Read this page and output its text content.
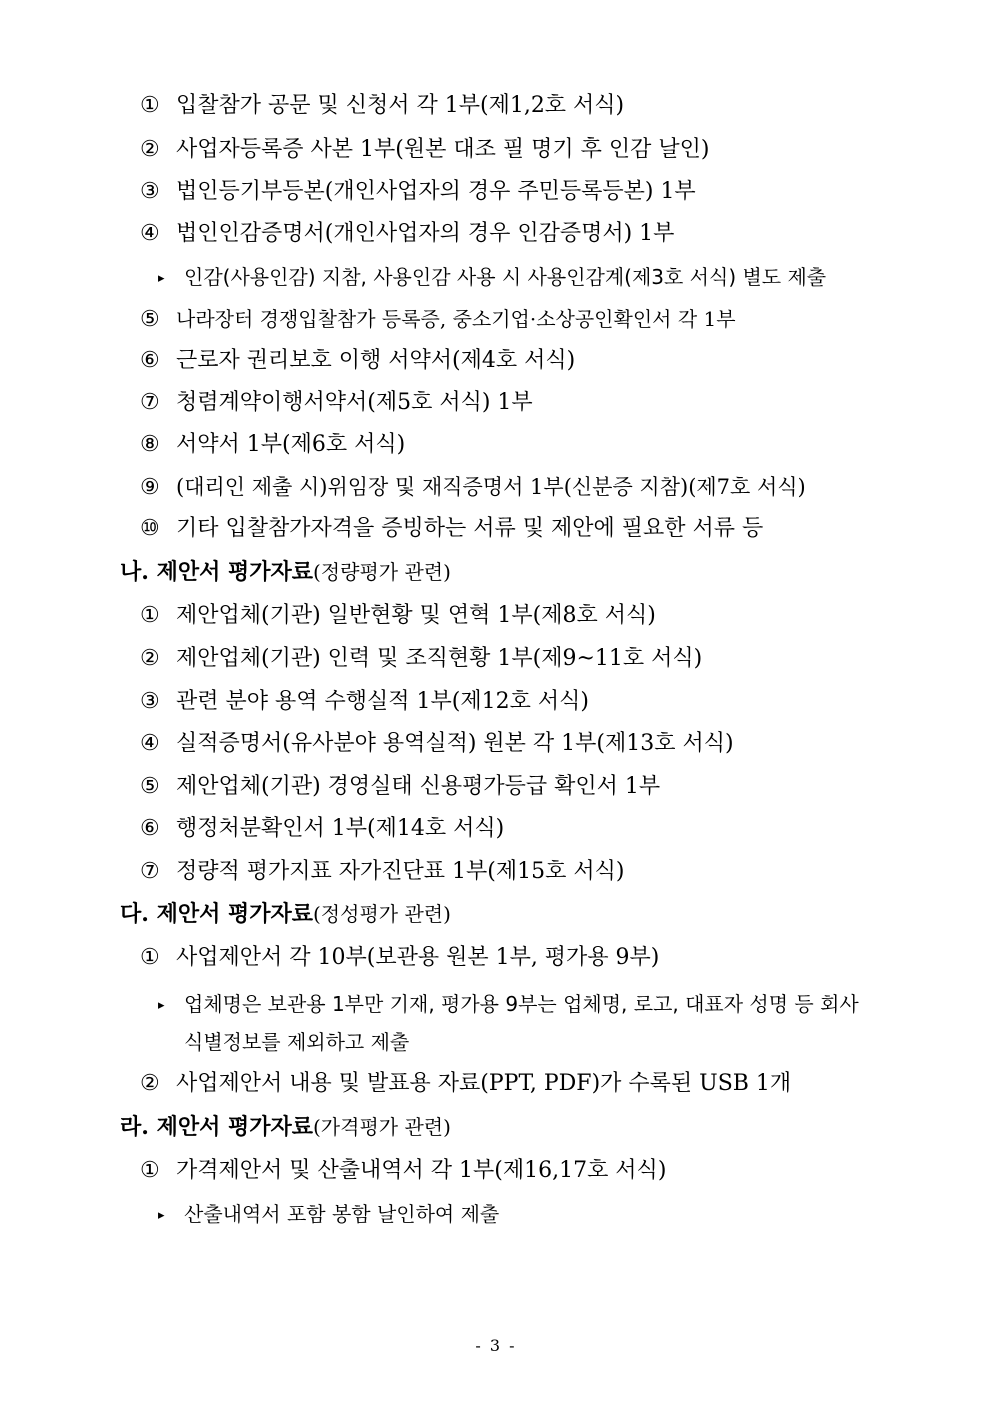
① 입찰참가 공문 및 신청서 각 1부(제1,2호 서식)
② 사업자등록증 사본 1부(원본 대조 필 명기 후 인감 날인)
③ 법인등기부등본(개인사업자의 경우 주민등록등본) 1부
④ 법인인감증명서(개인사업자의 경우 인감증명서) 1부
▸ 인감(사용인감) 지참, 사용인감 사용 시 사용인감계(제3호 서식) 별도 제출
⑤ 나라장터 경쟁입찰참가 등록증, 중소기업·소상공인확인서 각 1부
⑥ 근로자 권리보호 이행 서약서(제4호 서식)
⑦ 청렴계약이행서약서(제5호 서식) 1부
⑧ 서약서 1부(제6호 서식)
⑨ (대리인 제출 시)위임장 및 재직증명서 1부(신분증 지참)(제7호 서식)
⑩ 기타 입찰참가자격을 증빙하는 서류 및 제안에 필요한 서류 등
나. 제안서 평가자료(정량평가 관련)
① 제안업체(기관) 일반현황 및 연혁 1부(제8호 서식)
② 제안업체(기관) 인력 및 조직현황 1부(제9~11호 서식)
③ 관련 분야 용역 수행실적 1부(제12호 서식)
④ 실적증명서(유사분야 용역실적) 원본 각 1부(제13호 서식)
⑤ 제안업체(기관) 경영실태 신용평가등급 확인서 1부
⑥ 행정처분확인서 1부(제14호 서식)
⑦ 정량적 평가지표 자가진단표 1부(제15호 서식)
다. 제안서 평가자료(정성평가 관련)
① 사업제안서 각 10부(보관용 원본 1부, 평가용 9부)
▸ 업체명은 보관용 1부만 기재, 평가용 9부는 업체명, 로고, 대표자 성명 등 회사
식별정보를 제외하고 제출
② 사업제안서 내용 및 발표용 자료(PPT, PDF)가 수록된 USB 1개
라. 제안서 평가자료(가격평가 관련)
① 가격제안서 및 산출내역서 각 1부(제16,17호 서식)
▸ 산출내역서 포함 봉함 날인하여 제출
- 3 -
